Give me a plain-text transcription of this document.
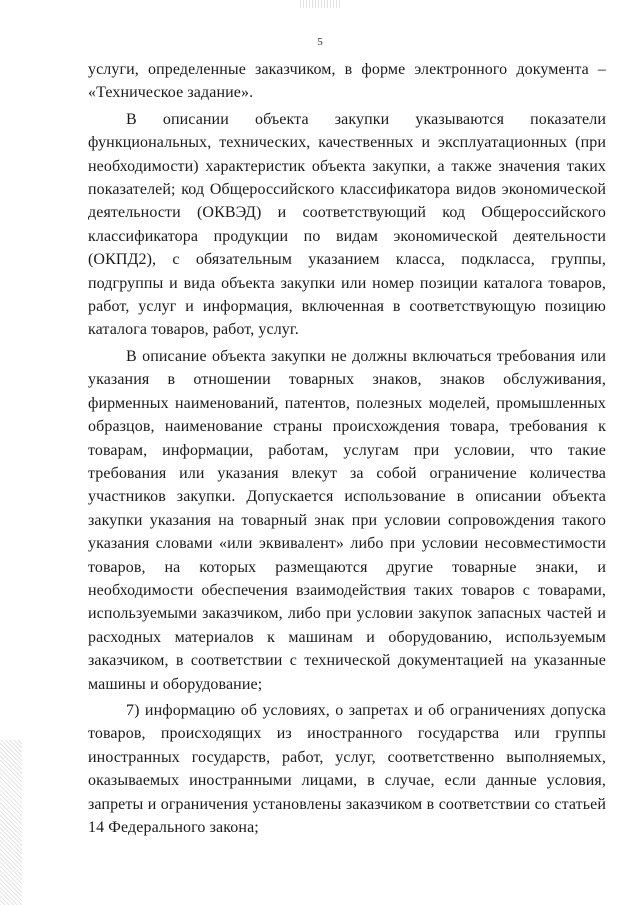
5

услуги, определенные заказчиком, в форме электронного документа – «Техническое задание».

В описании объекта закупки указываются показатели функциональных, технических, качественных и эксплуатационных (при необходимости) характеристик объекта закупки, а также значения таких показателей; код Общероссийского классификатора видов экономической деятельности (ОКВЭД) и соответствующий код Общероссийского классификатора продукции по видам экономической деятельности (ОКПД2), с обязательным указанием класса, подкласса, группы, подгруппы и вида объекта закупки или номер позиции каталога товаров, работ, услуг и информация, включенная в соответствующую позицию каталога товаров, работ, услуг.

В описание объекта закупки не должны включаться требования или указания в отношении товарных знаков, знаков обслуживания, фирменных наименований, патентов, полезных моделей, промышленных образцов, наименование страны происхождения товара, требования к товарам, информации, работам, услугам при условии, что такие требования или указания влекут за собой ограничение количества участников закупки. Допускается использование в описании объекта закупки указания на товарный знак при условии сопровождения такого указания словами «или эквивалент» либо при условии несовместимости товаров, на которых размещаются другие товарные знаки, и необходимости обеспечения взаимодействия таких товаров с товарами, используемыми заказчиком, либо при условии закупок запасных частей и расходных материалов к машинам и оборудованию, используемым заказчиком, в соответствии с технической документацией на указанные машины и оборудование;

7) информацию об условиях, о запретах и об ограничениях допуска товаров, происходящих из иностранного государства или группы иностранных государств, работ, услуг, соответственно выполняемых, оказываемых иностранными лицами, в случае, если данные условия, запреты и ограничения установлены заказчиком в соответствии со статьей 14 Федерального закона;
